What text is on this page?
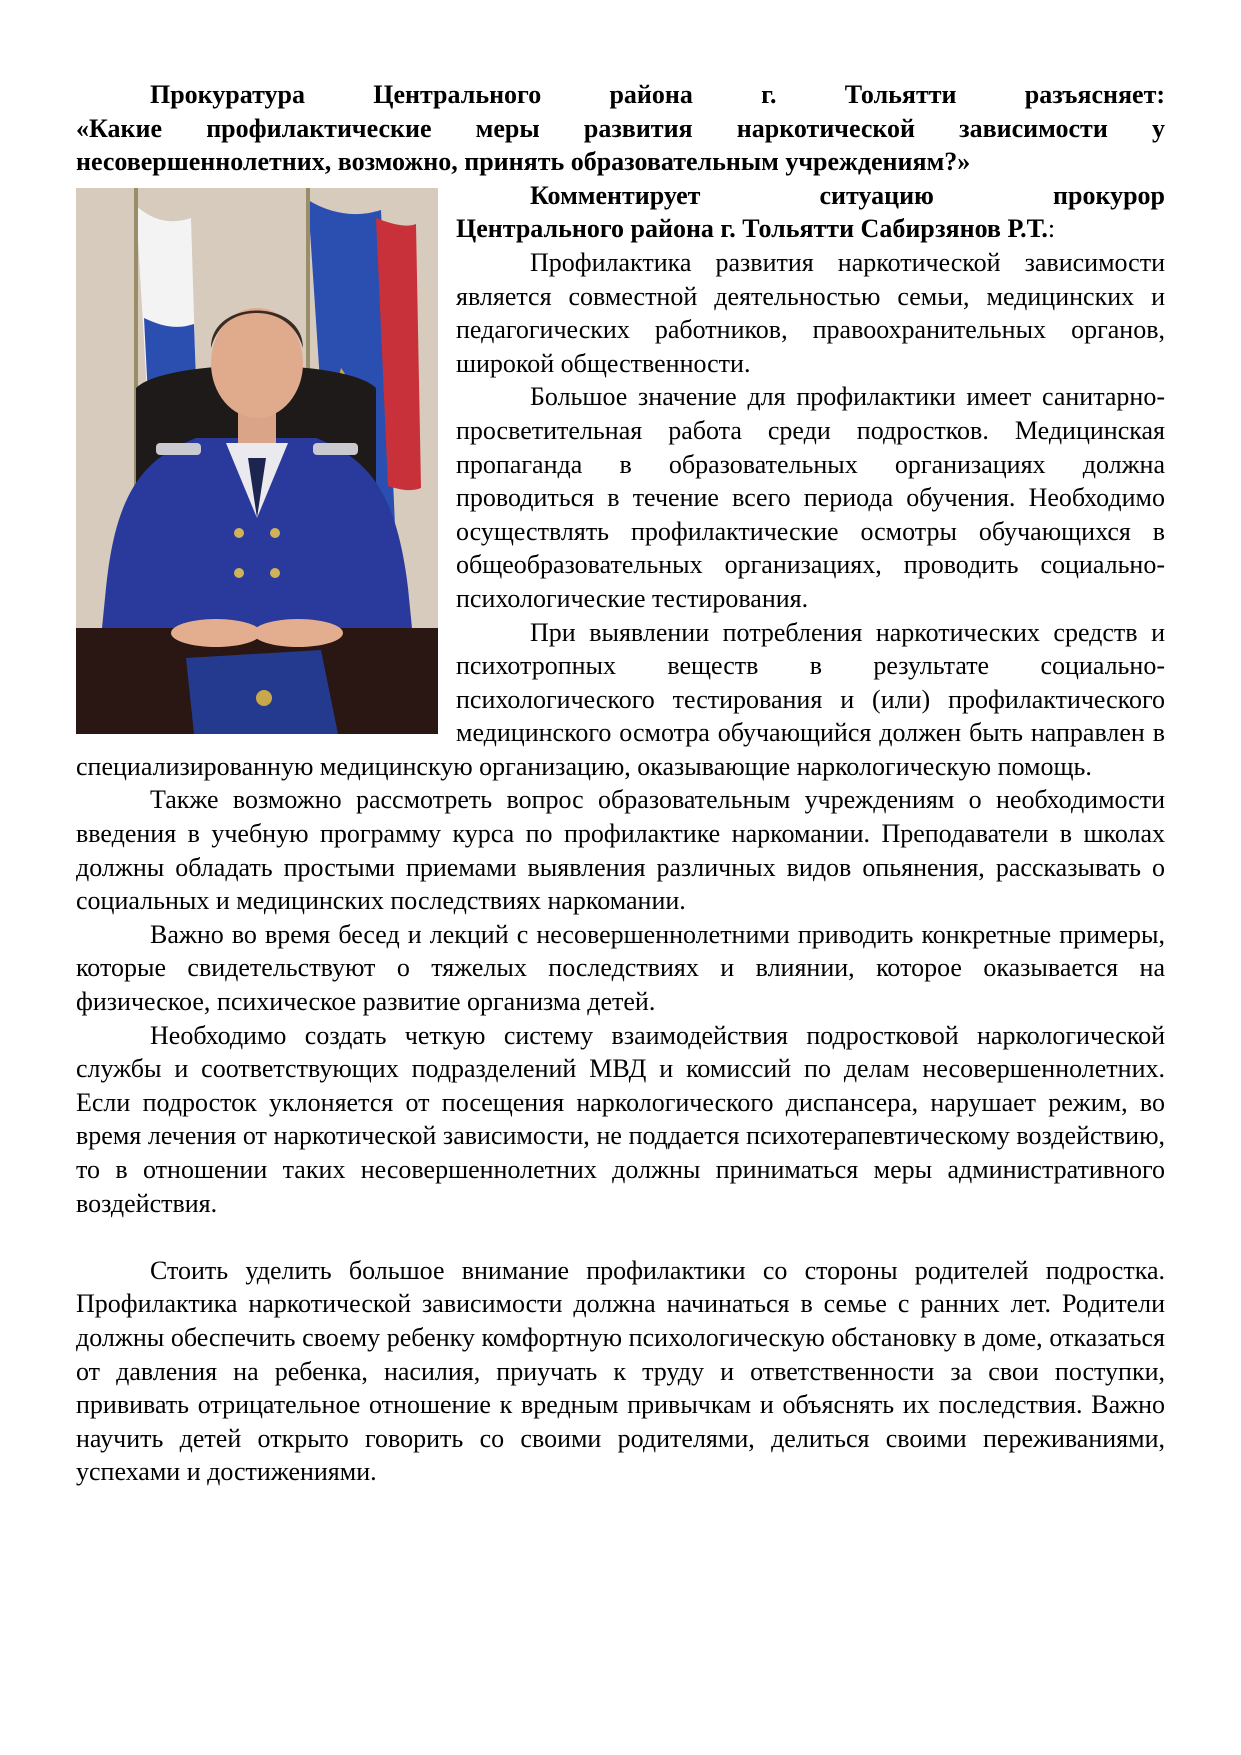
Прокуратура Центрального района г. Тольятти разъясняет:

«Какие профилактические меры развития наркотической зависимости у несовершеннолетних, возможно, принять образовательным учреждениям?»

Комментирует ситуацию прокурор

Центрального района г. Тольятти Сабирзянов Р.Т.:

Профилактика развития наркотической зависимости является совместной деятельностью семьи, медицинских и педагогических работников, правоохранительных органов, широкой общественности.

Большое значение для профилактики имеет санитарно-просветительная работа среди подростков. Медицинская пропаганда в образовательных организациях должна проводиться в течение всего периода обучения. Необходимо осуществлять профилактические осмотры обучающихся в общеобразовательных организациях, проводить социально-психологические тестирования.

При выявлении потребления наркотических средств и психотропных веществ в результате социально-психологического тестирования и (или) профилактического медицинского осмотра обучающийся должен быть направлен в специализированную медицинскую организацию, оказывающие наркологическую помощь.

Также возможно рассмотреть вопрос образовательным учреждениям о необходимости введения в учебную программу курса по профилактике наркомании. Преподаватели в школах должны обладать простыми приемами выявления различных видов опьянения, рассказывать о социальных и медицинских последствиях наркомании.

Важно во время бесед и лекций с несовершеннолетними приводить конкретные примеры, которые свидетельствуют о тяжелых последствиях и влиянии, которое оказывается на физическое, психическое развитие организма детей.

Необходимо создать четкую систему взаимодействия подростковой наркологической службы и соответствующих подразделений МВД и комиссий по делам несовершеннолетних. Если подросток уклоняется от посещения наркологического диспансера, нарушает режим, во время лечения от наркотической зависимости, не поддается психотерапевтическому воздействию, то в отношении таких несовершеннолетних должны приниматься меры административного воздействия.

Стоить уделить большое внимание профилактики со стороны родителей подростка. Профилактика наркотической зависимости должна начинаться в семье с ранних лет. Родители должны обеспечить своему ребенку комфортную психологическую обстановку в доме, отказаться от давления на ребенка, насилия, приучать к труду и ответственности за свои поступки, прививать отрицательное отношение к вредным привычкам и объяснять их последствия. Важно научить детей открыто говорить со своими родителями, делиться своими переживаниями, успехами и достижениями.
